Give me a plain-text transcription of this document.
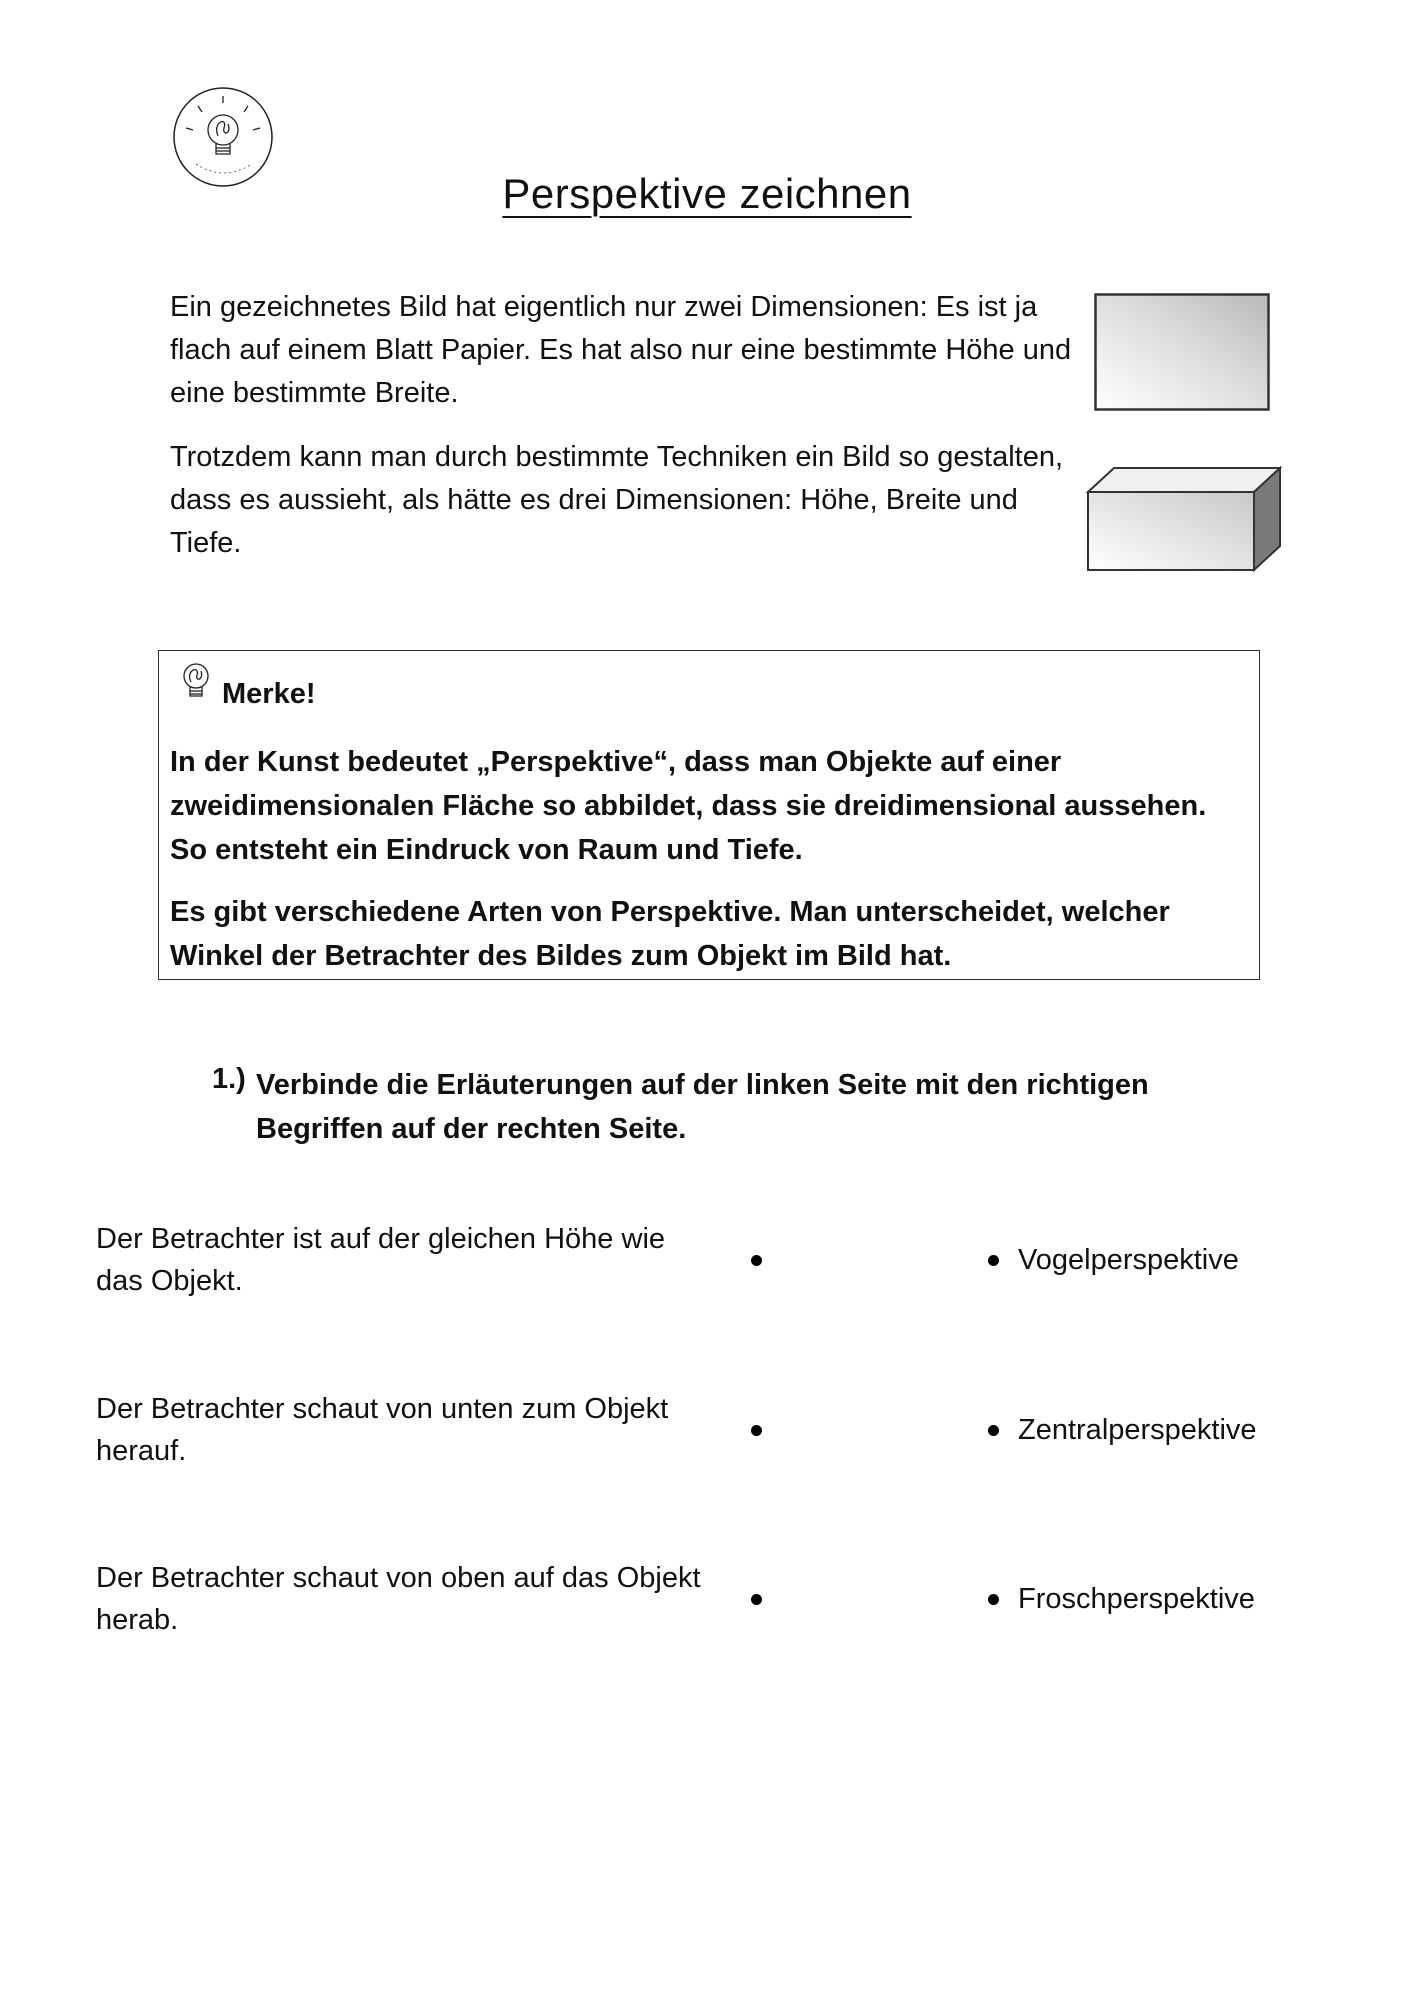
Perspektive zeichnen

Ein gezeichnetes Bild hat eigentlich nur zwei Dimensionen: Es ist ja flach auf einem Blatt Papier. Es hat also nur eine bestimmte Höhe und eine bestimmte Breite.

Trotzdem kann man durch bestimmte Techniken ein Bild so gestalten, dass es aussieht, als hätte es drei Dimensionen: Höhe, Breite und Tiefe.

Merke!

In der Kunst bedeutet „Perspektive“, dass man Objekte auf einer zweidimensionalen Fläche so abbildet, dass sie dreidimensional aussehen. So entsteht ein Eindruck von Raum und Tiefe.

Es gibt verschiedene Arten von Perspektive. Man unterscheidet, welcher Winkel der Betrachter des Bildes zum Objekt im Bild hat.

1.) Verbinde die Erläuterungen auf der linken Seite mit den richtigen Begriffen auf der rechten Seite.

Der Betrachter ist auf der gleichen Höhe wie das Objekt.

Der Betrachter schaut von unten zum Objekt herauf.

Der Betrachter schaut von oben auf das Objekt herab.

Vogelperspektive
Zentralperspektive
Froschperspektive
